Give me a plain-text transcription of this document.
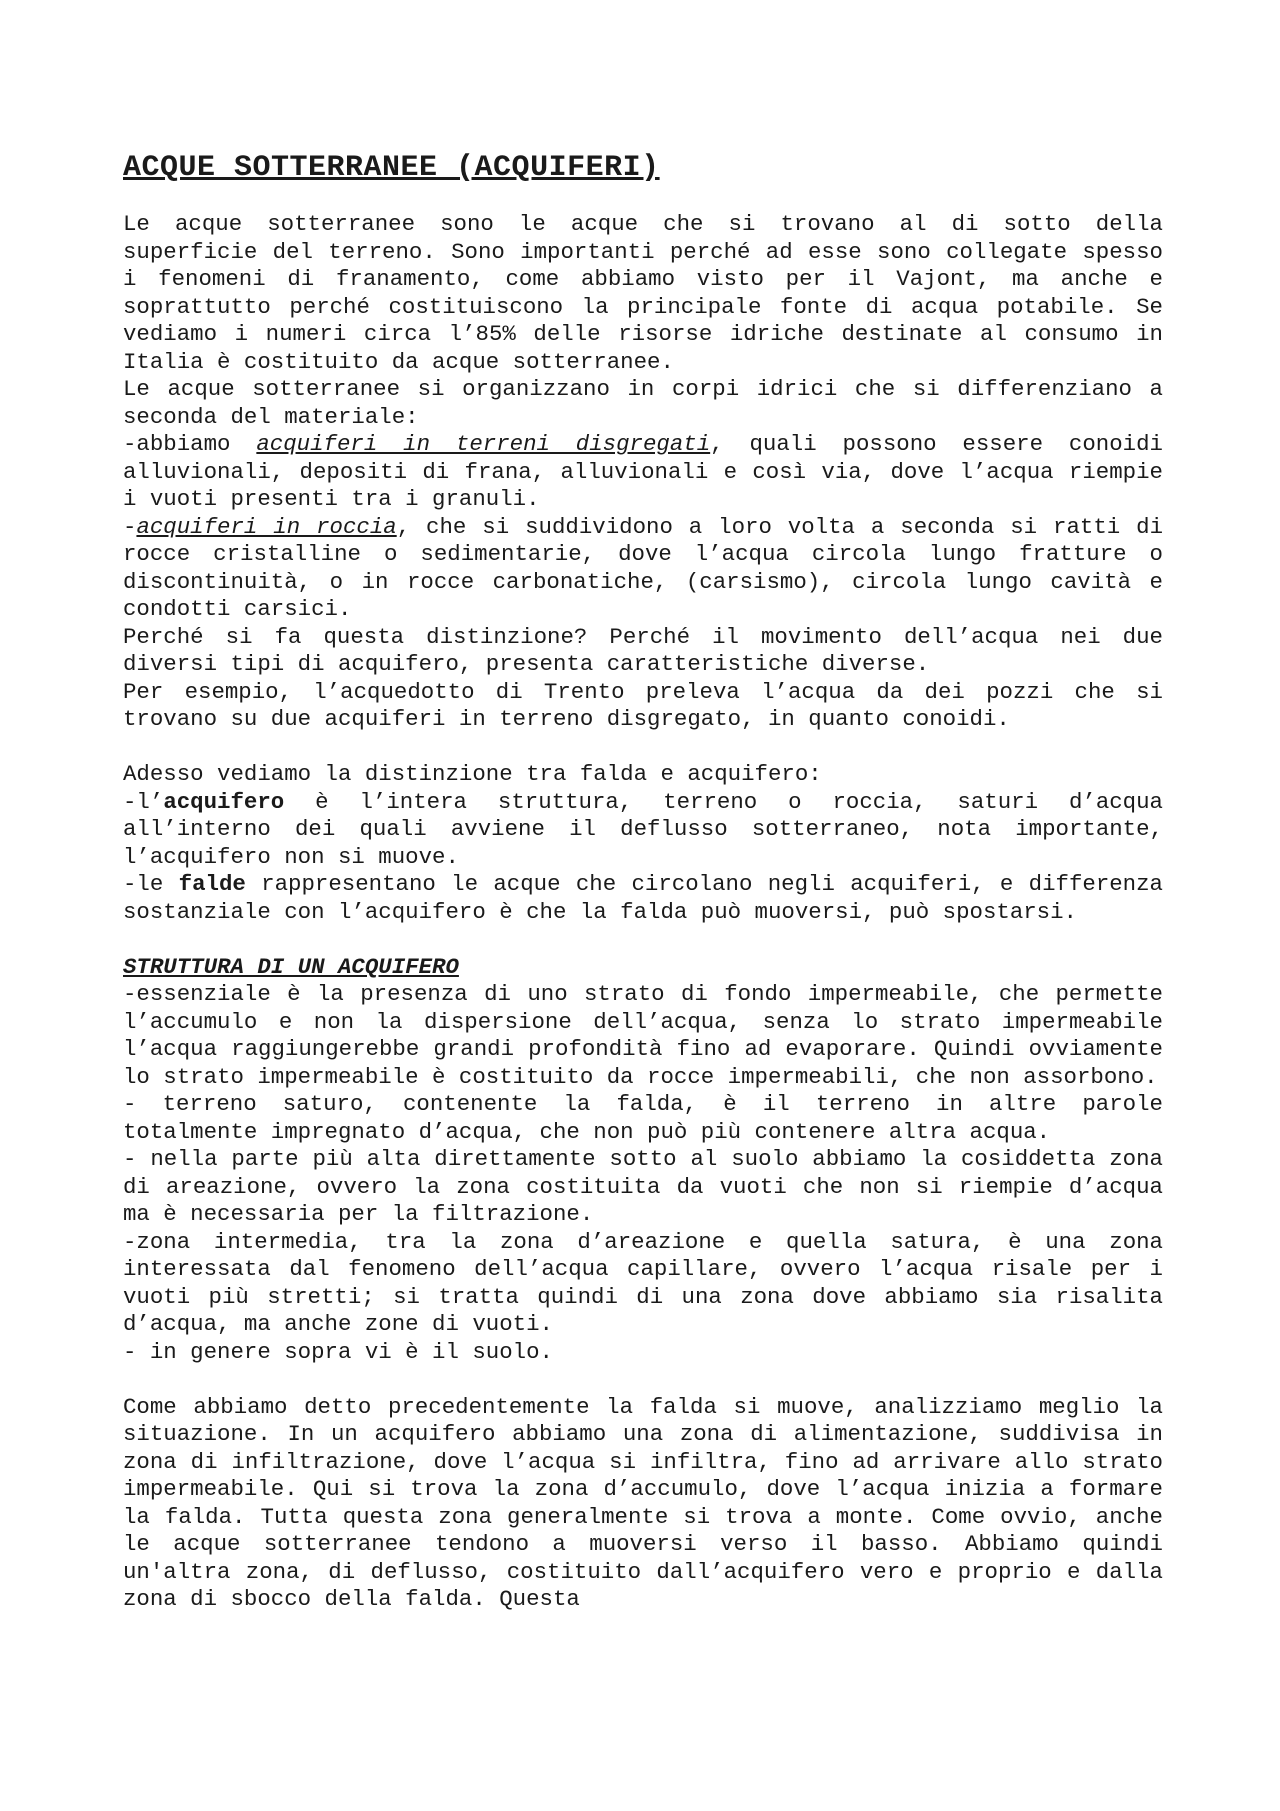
ACQUE SOTTERRANEE (ACQUIFERI)

Le acque sotterranee sono le acque che si trovano al di sotto della superficie del terreno. Sono importanti perché ad esse sono collegate spesso i fenomeni di franamento, come abbiamo visto per il Vajont, ma anche e soprattutto perché costituiscono la principale fonte di acqua potabile. Se vediamo i numeri circa l’85% delle risorse idriche destinate al consumo in Italia è costituito da acque sotterranee.

Le acque sotterranee si organizzano in corpi idrici che si differenziano a seconda del materiale:

-abbiamo acquiferi in terreni disgregati, quali possono essere conoidi alluvionali, depositi di frana, alluvionali e così via, dove l’acqua riempie i vuoti presenti tra i granuli.

-acquiferi in roccia, che si suddividono a loro volta a seconda si ratti di rocce cristalline o sedimentarie, dove l’acqua circola lungo fratture o discontinuità, o in rocce carbonatiche, (carsismo), circola lungo cavità e condotti carsici.

Perché si fa questa distinzione? Perché il movimento dell’acqua nei due diversi tipi di acquifero, presenta caratteristiche diverse.

Per esempio, l’acquedotto di Trento preleva l’acqua da dei pozzi che si trovano su due acquiferi in terreno disgregato, in quanto conoidi.

Adesso vediamo la distinzione tra falda e acquifero:

-l’acquifero è l’intera struttura, terreno o roccia, saturi d’acqua all’interno dei quali avviene il deflusso sotterraneo, nota importante, l’acquifero non si muove.

-le falde rappresentano le acque che circolano negli acquiferi, e differenza sostanziale con l’acquifero è che la falda può muoversi, può spostarsi.

STRUTTURA DI UN ACQUIFERO

-essenziale è la presenza di uno strato di fondo impermeabile, che permette l’accumulo e non la dispersione dell’acqua, senza lo strato impermeabile l’acqua raggiungerebbe grandi profondità fino ad evaporare. Quindi ovviamente lo strato impermeabile è costituito da rocce impermeabili, che non assorbono.

- terreno saturo, contenente la falda, è il terreno in altre parole totalmente impregnato d’acqua, che non può più contenere altra acqua.

- nella parte più alta direttamente sotto al suolo abbiamo la cosiddetta zona di areazione, ovvero la zona costituita da vuoti che non si riempie d’acqua ma è necessaria per la filtrazione.

-zona intermedia, tra la zona d’areazione e quella satura, è una zona interessata dal fenomeno dell’acqua capillare, ovvero l’acqua risale per i vuoti più stretti; si tratta quindi di una zona dove abbiamo sia risalita d’acqua, ma anche zone di vuoti.

- in genere sopra vi è il suolo.

Come abbiamo detto precedentemente la falda si muove, analizziamo meglio la situazione. In un acquifero abbiamo una zona di alimentazione, suddivisa in zona di infiltrazione, dove l’acqua si infiltra, fino ad arrivare allo strato impermeabile. Qui si trova la zona d’accumulo, dove l’acqua inizia a formare la falda. Tutta questa zona generalmente si trova a monte. Come ovvio, anche le acque sotterranee tendono a muoversi verso il basso. Abbiamo quindi un'altra zona, di deflusso, costituito dall’acquifero vero e proprio e dalla zona di sbocco della falda. Questa
